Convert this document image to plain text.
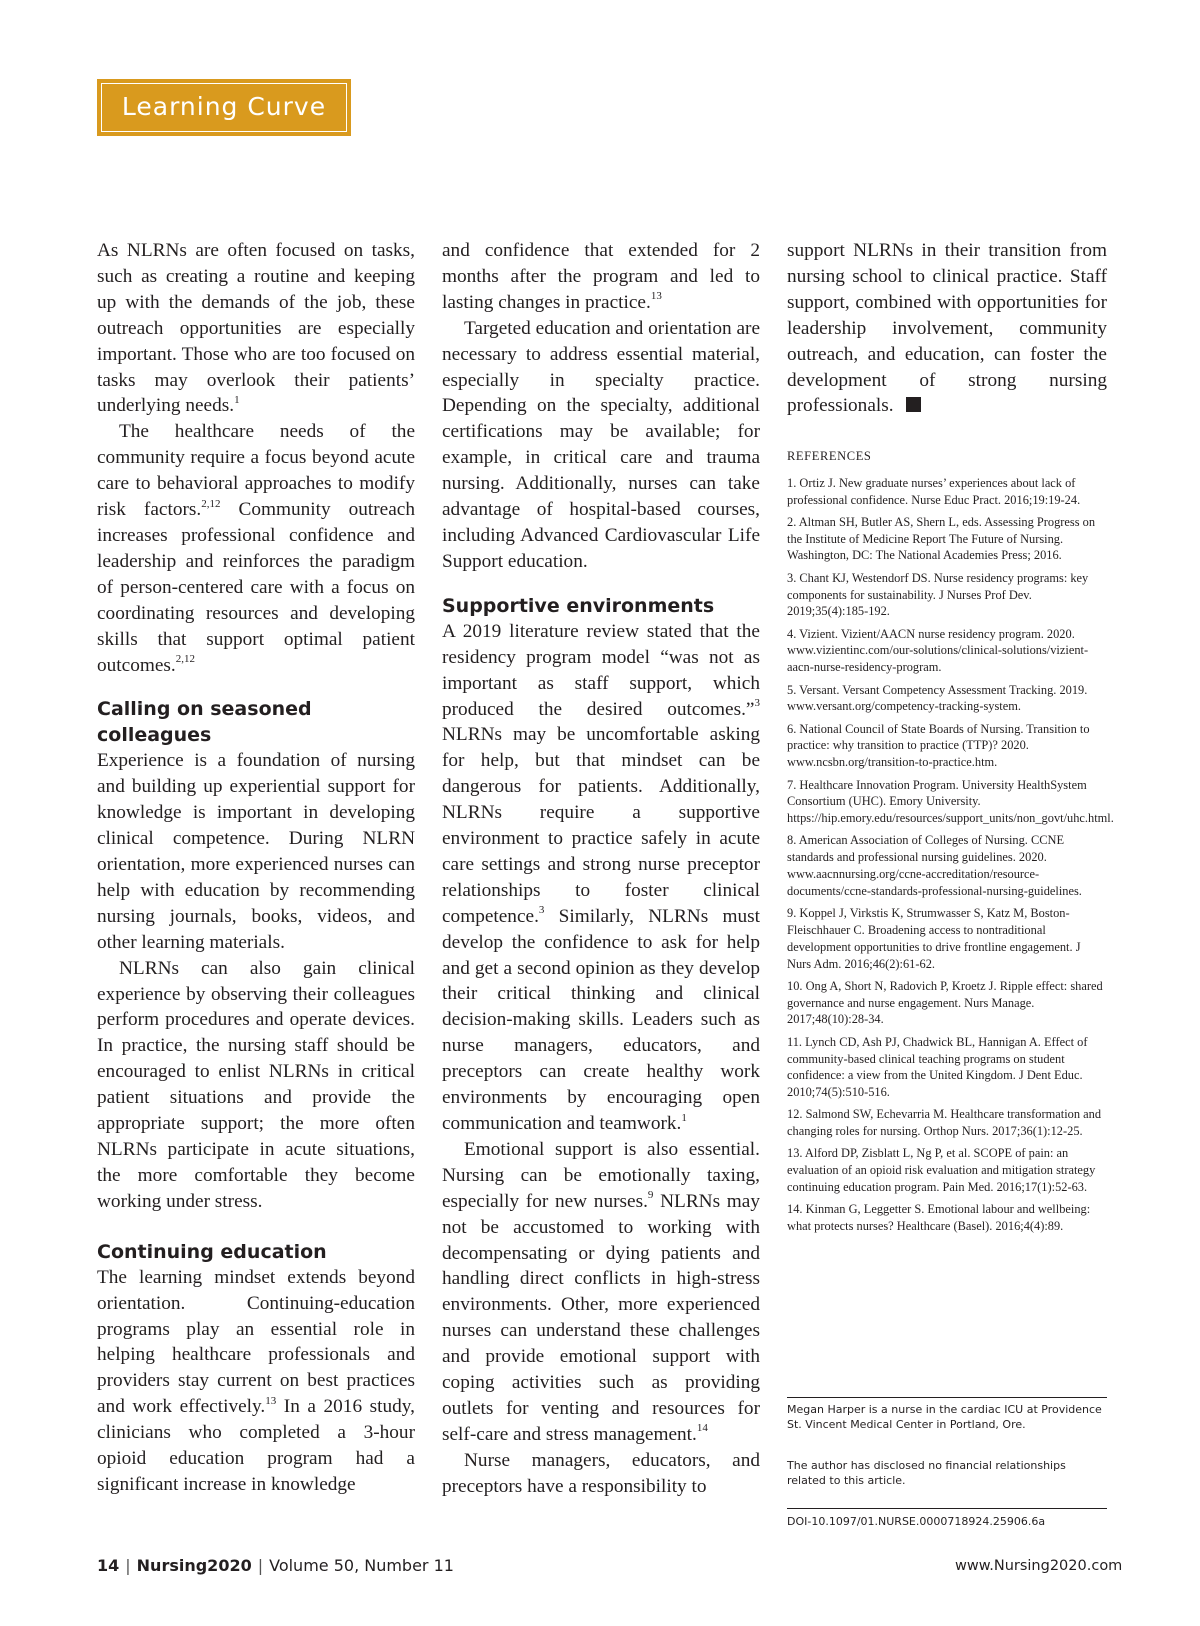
Learning Curve

As NLRNs are often focused on tasks, such as creating a routine and keeping up with the demands of the job, these outreach opportunities are especially important. Those who are too focused on tasks may overlook their patients’ underlying needs.$^1$

The healthcare needs of the community require a focus beyond acute care to behavioral approaches to modify risk factors.$^{2,12}$ Community outreach increases professional confidence and leadership and reinforces the paradigm of person-centered care with a focus on coordinating resources and developing skills that support optimal patient outcomes.$^{2,12}$

Calling on seasoned colleagues

Experience is a foundation of nursing and building up experiential support for knowledge is important in developing clinical competence. During NLRN orientation, more experienced nurses can help with education by recommending nursing journals, books, videos, and other learning materials.

NLRNs can also gain clinical experience by observing their colleagues perform procedures and operate devices. In practice, the nursing staff should be encouraged to enlist NLRNs in critical patient situations and provide the appropriate support; the more often NLRNs participate in acute situations, the more comfortable they become working under stress.

Continuing education

The learning mindset extends beyond orientation. Continuing-education programs play an essential role in helping healthcare professionals and providers stay current on best practices and work effectively.$^{13}$ In a 2016 study, clinicians who completed a 3-hour opioid education program had a significant increase in knowledge

and confidence that extended for 2 months after the program and led to lasting changes in practice.$^{13}$

Targeted education and orientation are necessary to address essential material, especially in specialty practice. Depending on the specialty, additional certifications may be available; for example, in critical care and trauma nursing. Additionally, nurses can take advantage of hospital-based courses, including Advanced Cardiovascular Life Support education.

Supportive environments

A 2019 literature review stated that the residency program model “was not as important as staff support, which produced the desired outcomes.”$^3$ NLRNs may be uncomfortable asking for help, but that mindset can be dangerous for patients. Additionally, NLRNs require a supportive environment to practice safely in acute care settings and strong nurse preceptor relationships to foster clinical competence.$^3$ Similarly, NLRNs must develop the confidence to ask for help and get a second opinion as they develop their critical thinking and clinical decision-making skills. Leaders such as nurse managers, educators, and preceptors can create healthy work environments by encouraging open communication and teamwork.$^1$

Emotional support is also essential. Nursing can be emotionally taxing, especially for new nurses.$^9$ NLRNs may not be accustomed to working with decompensating or dying patients and handling direct conflicts in high-stress environments. Other, more experienced nurses can understand these challenges and provide emotional support with coping activities such as providing outlets for venting and resources for self-care and stress management.$^{14}$

Nurse managers, educators, and preceptors have a responsibility to

support NLRNs in their transition from nursing school to clinical practice. Staff support, combined with opportunities for leadership involvement, community outreach, and education, can foster the development of strong nursing professionals.

REFERENCES

1. Ortiz J. New graduate nurses’ experiences about lack of professional confidence. Nurse Educ Pract. 2016;19:19-24.

2. Altman SH, Butler AS, Shern L, eds. Assessing Progress on the Institute of Medicine Report The Future of Nursing. Washington, DC: The National Academies Press; 2016.

3. Chant KJ, Westendorf DS. Nurse residency programs: key components for sustainability. J Nurses Prof Dev. 2019;35(4):185-192.

4. Vizient. Vizient/AACN nurse residency program. 2020. www.vizientinc.com/our-solutions/clinical-solutions/vizient-aacn-nurse-residency-program.

5. Versant. Versant Competency Assessment Tracking. 2019. www.versant.org/competency-tracking-system.

6. National Council of State Boards of Nursing. Transition to practice: why transition to practice (TTP)? 2020. www.ncsbn.org/transition-to-practice.htm.

7. Healthcare Innovation Program. University HealthSystem Consortium (UHC). Emory University. https://hip.emory.edu/resources/support_units/non_govt/uhc.html.

8. American Association of Colleges of Nursing. CCNE standards and professional nursing guidelines. 2020. www.aacnnursing.org/ccne-accreditation/resource-documents/ccne-standards-professional-nursing-guidelines.

9. Koppel J, Virkstis K, Strumwasser S, Katz M, Boston-Fleischhauer C. Broadening access to nontraditional development opportunities to drive frontline engagement. J Nurs Adm. 2016;46(2):61-62.

10. Ong A, Short N, Radovich P, Kroetz J. Ripple effect: shared governance and nurse engagement. Nurs Manage. 2017;48(10):28-34.

11. Lynch CD, Ash PJ, Chadwick BL, Hannigan A. Effect of community-based clinical teaching programs on student confidence: a view from the United Kingdom. J Dent Educ. 2010;74(5):510-516.

12. Salmond SW, Echevarria M. Healthcare transformation and changing roles for nursing. Orthop Nurs. 2017;36(1):12-25.

13. Alford DP, Zisblatt L, Ng P, et al. SCOPE of pain: an evaluation of an opioid risk evaluation and mitigation strategy continuing education program. Pain Med. 2016;17(1):52-63.

14. Kinman G, Leggetter S. Emotional labour and wellbeing: what protects nurses? Healthcare (Basel). 2016;4(4):89.

Megan Harper is a nurse in the cardiac ICU at Providence St. Vincent Medical Center in Portland, Ore.
The author has disclosed no financial relationships related to this article.
DOI-10.1097/01.NURSE.0000718924.25906.6a
14 | Nursing2020 | Volume 50, Number 11	www.Nursing2020.com
